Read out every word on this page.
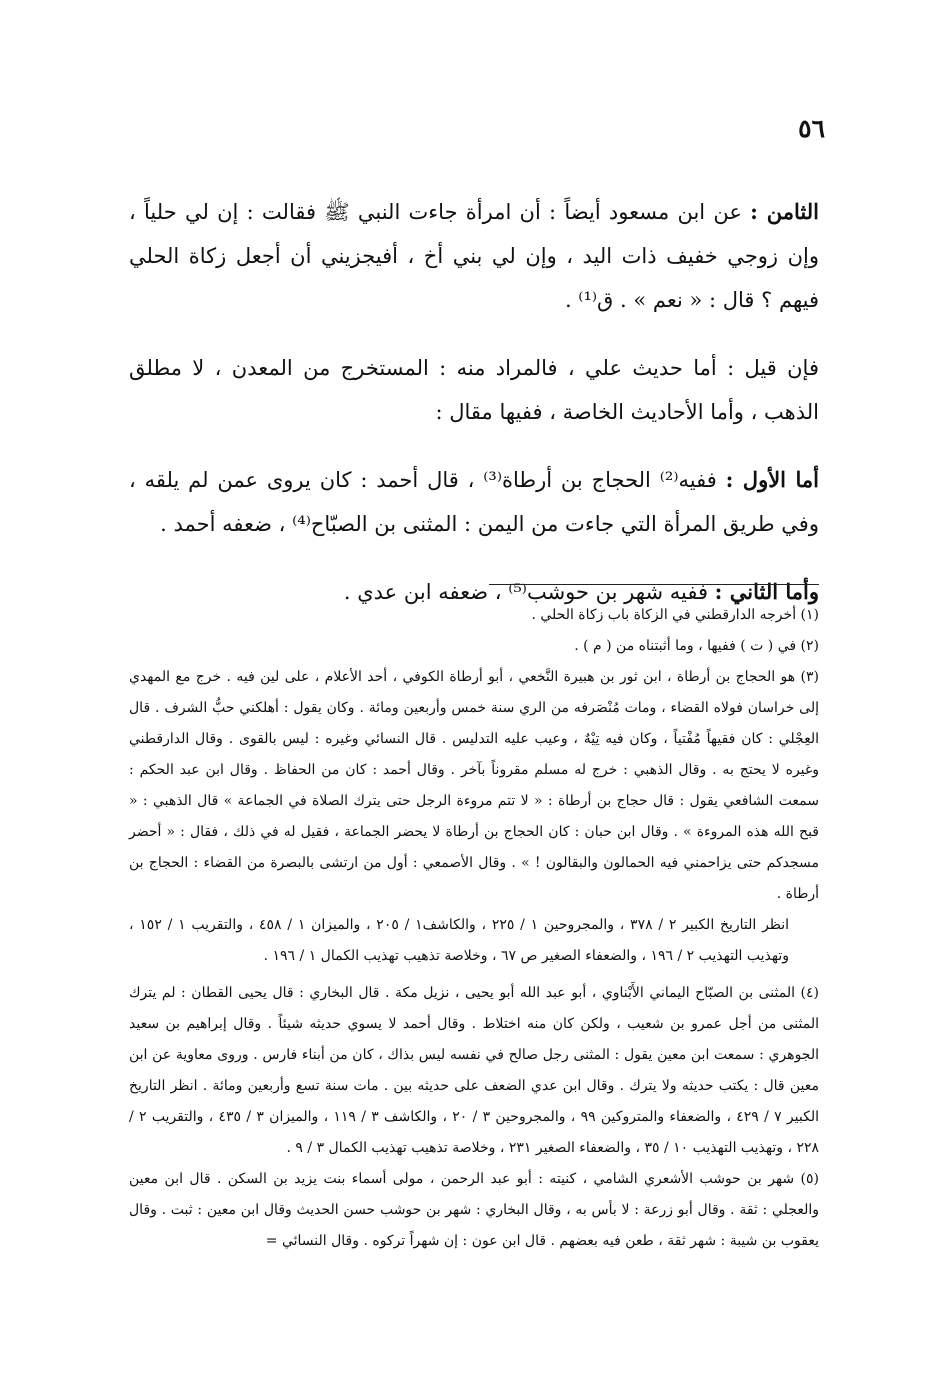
٥٦

الثامن : عن ابن مسعود أيضاً : أن امرأة جاءت النبي ﷺ فقالت : إن لي حلياً ، وإن زوجي خفيف ذات اليد ، وإن لي بني أخ ، أفيجزيني أن أجعل زكاة الحلي فيهم ؟ قال : « نعم » . ق⁽¹⁾ .

فإن قيل : أما حديث علي ، فالمراد منه : المستخرج من المعدن ، لا مطلق الذهب ، وأما الأحاديث الخاصة ، ففيها مقال :

أما الأول : ففيه⁽²⁾ الحجاج بن أرطاة⁽³⁾ ، قال أحمد : كان يروى عمن لم يلقه ، وفي طريق المرأة التي جاءت من اليمن : المثنى بن الصبّاح⁽⁴⁾ ، ضعفه أحمد .

وأما الثاني : ففيه شهر بن حوشب⁽⁵⁾ ، ضعفه ابن عدي .

(١) أخرجه الدارقطني في الزكاة باب زكاة الحلي .

(٢) في ( ت ) ففيها ، وما أثبتناه من ( م ) .

(٣) هو الحجاج بن أرطاة ، ابن ثور بن هبيرة النَّخعي ، أبو أرطاة الكوفي ، أحد الأعلام ، على لين فيه . خرج مع المهدي إلى خراسان فولاه القضاء ، ومات مُنْصَرفه من الري سنة خمس وأربعين ومائة . وكان يقول : أهلكني حبُّ الشرف . قال العِجْلي : كان فقيهاً مُفْتياً ، وكان فيه تِيْهٌ ، وعيب عليه التدليس . قال النسائي وغيره : ليس بالقوى . وقال الدارقطني وغيره لا يحتج به . وقال الذهبي : خرج له مسلم مقروناً بآخر . وقال أحمد : كان من الحفاظ . وقال ابن عبد الحكم : سمعت الشافعي يقول : قال حجاج بن أرطاة : « لا تتم مروءة الرجل حتى يترك الصلاة في الجماعة » قال الذهبي : « قبح الله هذه المروءة » . وقال ابن حبان : كان الحجاج بن أرطاة لا يحضر الجماعة ، فقيل له في ذلك ، فقال : « أحضر مسجدكم حتى يزاحمني فيه الحمالون والبقالون ! » . وقال الأصمعي : أول من ارتشى بالبصرة من القضاء : الحجاج بن أرطاة .

انظر التاريخ الكبير ٢ / ٣٧٨ ، والمجروحين ١ / ٢٢٥ ، والكاشف١ / ٢٠٥ ، والميزان ١ / ٤٥٨ ، والتقريب ١ / ١٥٢ ، وتهذيب التهذيب ٢ / ١٩٦ ، والضعفاء الصغير ص ٦٧ ، وخلاصة تذهيب تهذيب الكمال ١ / ١٩٦ .

(٤) المثنى بن الصبّاح اليماني الأَبْناوي ، أبو عبد الله أبو يحيى ، نزيل مكة . قال البخاري : قال يحيى القطان : لم يترك المثنى من أجل عمرو بن شعيب ، ولكن كان منه اختلاط . وقال أحمد لا يسوي حديثه شيئاً . وقال إبراهيم بن سعيد الجوهري : سمعت ابن معين يقول : المثنى رجل صالح في نفسه ليس بذاك ، كان من أبناء فارس . وروى معاوية عن ابن معين قال : يكتب حديثه ولا يترك . وقال ابن عدي الضعف على حديثه بين . مات سنة تسع وأربعين ومائة . انظر التاريخ الكبير ٧ / ٤٢٩ ، والضعفاء والمتروكين ٩٩ ، والمجروحين ٣ / ٢٠ ، والكاشف ٣ / ١١٩ ، والميزان ٣ / ٤٣٥ ، والتقريب ٢ / ٢٢٨ ، وتهذيب التهذيب ١٠ / ٣٥ ، والضعفاء الصغير ٢٣١ ، وخلاصة تذهيب تهذيب الكمال ٣ / ٩ .

(٥) شهر بن حوشب الأشعري الشامي ، كنيته : أبو عبد الرحمن ، مولى أسماء بنت يزيد بن السكن . قال ابن معين والعجلي : ثقة . وقال أبو زرعة : لا بأس به ، وقال البخاري : شهر بن حوشب حسن الحديث وقال ابن معين : ثبت . وقال يعقوب بن شيبة : شهر ثقة ، طعن فيه بعضهم . قال ابن عون : إن شهراً تركوه . وقال النسائي =
